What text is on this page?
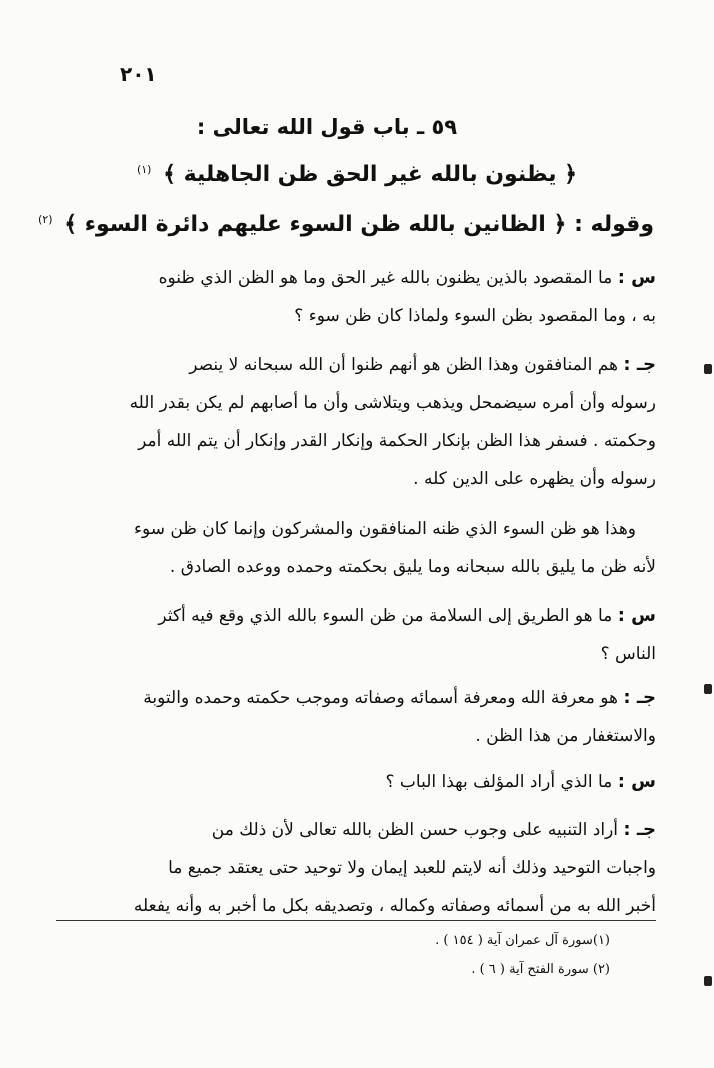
٢٠١
٥٩ ـ باب قول الله تعالى :
﴿ يظنون بالله غير الحق ظن الجاهلية ﴾ $^{(١)}$
وقوله : ﴿ الظانين بالله ظن السوء عليهم دائرة السوء ﴾ $^{(٢)}$
س : ما المقصود بالذين يظنون بالله غير الحق وما هو الظن الذي ظنوه
به ، وما المقصود بظن السوء ولماذا كان ظن سوء ؟
جـ : هم المنافقون وهذا الظن هو أنهم ظنوا أن الله سبحانه لا ينصر
رسوله وأن أمره سيضمحل ويذهب ويتلاشى وأن ما أصابهم لم يكن بقدر الله
وحكمته . فسفر هذا الظن بإنكار الحكمة وإنكار القدر وإنكار أن يتم الله أمر
رسوله وأن يظهره على الدين كله .
وهذا هو ظن السوء الذي ظنه المنافقون والمشركون وإنما كان ظن سوء
لأنه ظن ما يليق بالله سبحانه وما يليق بحكمته وحمده ووعده الصادق .
س : ما هو الطريق إلى السلامة من ظن السوء بالله الذي وقع فيه أكثر
الناس ؟
جـ : هو معرفة الله ومعرفة أسمائه وصفاته وموجب حكمته وحمده والتوبة
والاستغفار من هذا الظن .
س : ما الذي أراد المؤلف بهذا الباب ؟
جـ : أراد التنبيه على وجوب حسن الظن بالله تعالى لأن ذلك من
واجبات التوحيد وذلك أنه لايتم للعبد إيمان ولا توحيد حتى يعتقد جميع ما
أخبر الله به من أسمائه وصفاته وكماله ، وتصديقه بكل ما أخبر به وأنه يفعله
(١)سورة آل عمران آية ( ١٥٤ ) .
(٢) سورة الفتح آية ( ٦ ) .
